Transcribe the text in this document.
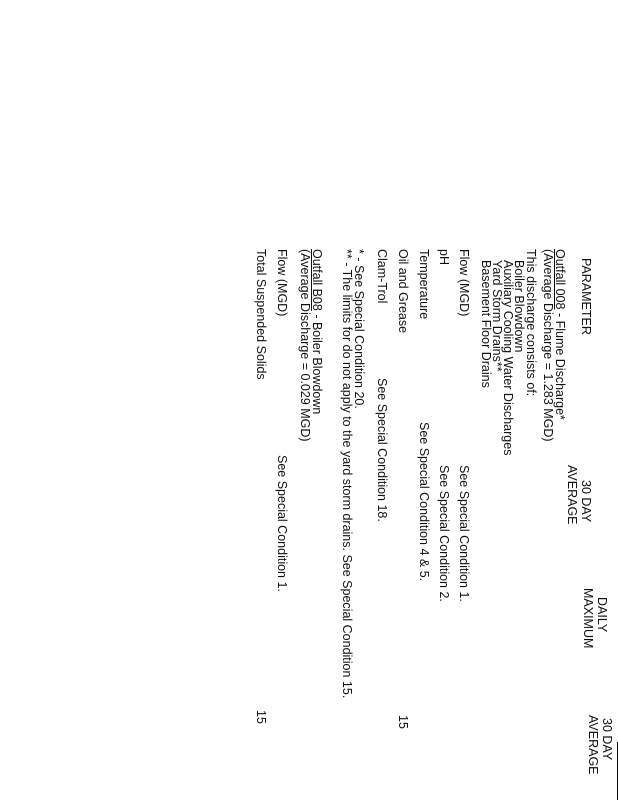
PARAMETER
30 DAY
AVERAGE
DAILY
MAXIMUM
30 DAY
AVERAGE
Outfall 008 - Flume Discharge*
(Average Discharge = 1.283 MGD)
This discharge consists of:
Boiler Blowdown
Auxiliary Cooling Water Discharges
Yard Storm Drains**
Basement Floor Drains
Flow (MGD)
See Special Condition 1.
pH
See Special Condition 2.
Temperature
See Special Condition 4 & 5.
Oil and Grease
15
Clam-Trol
See Special Condition 18.
* - See Special Condition 20.
** - The limits for do not apply to the yard storm drains. See Special Condition 15.
Outfall B08 - Boiler Blowdown
(Average Discharge = 0.029 MGD)
Flow (MGD)
See Special Condition 1.
Total Suspended Solids
15
